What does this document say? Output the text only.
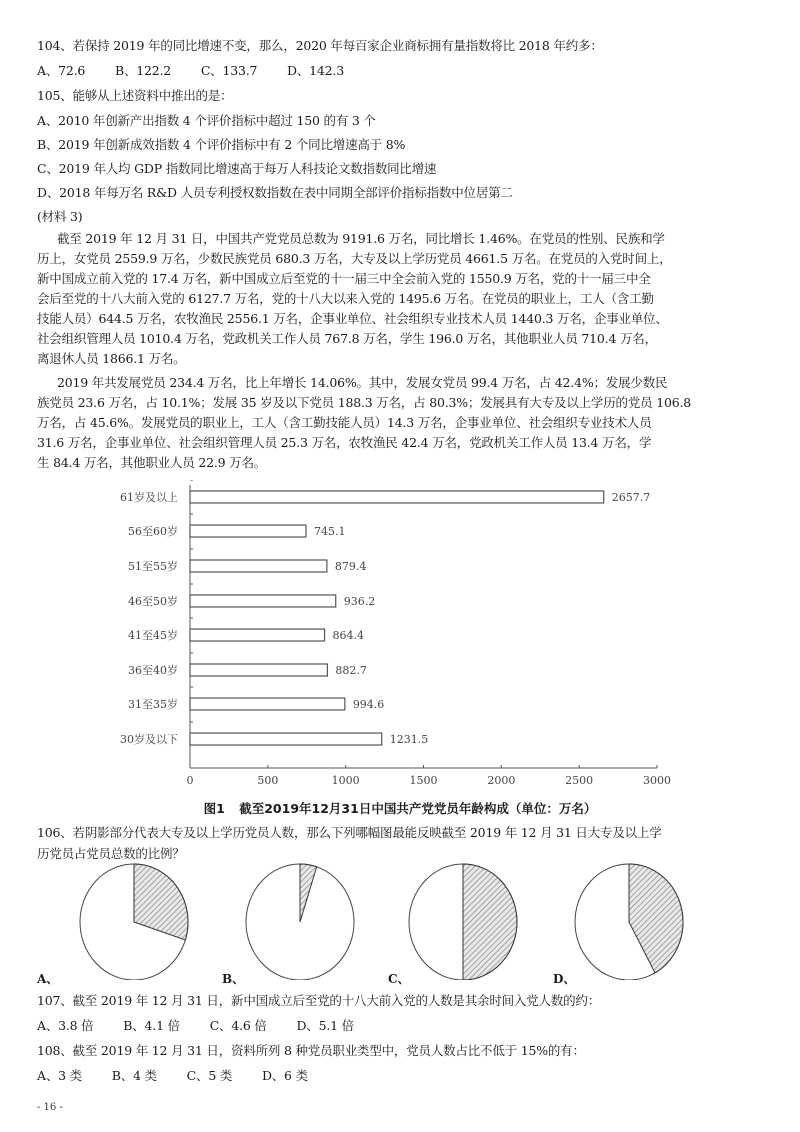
104、若保持 2019 年的同比增速不变，那么，2020 年每百家企业商标拥有量指数将比 2018 年约多：
A、72.6 B、122.2 C、133.7 D、142.3
105、能够从上述资料中推出的是：
A、2010 年创新产出指数 4 个评价指标中超过 150 的有 3 个
B、2019 年创新成效指数 4 个评价指标中有 2 个同比增速高于 8%
C、2019 年人均 GDP 指数同比增速高于每万人科技论文数指数同比增速
D、2018 年每万名 R&D 人员专利授权数指数在表中同期全部评价指标指数中位居第二
(材料 3)
截至 2019 年 12 月 31 日，中国共产党党员总数为 9191.6 万名，同比增长 1.46%。在党员的性别、民族和学
历上，女党员 2559.9 万名，少数民族党员 680.3 万名，大专及以上学历党员 4661.5 万名。在党员的入党时间上，
新中国成立前入党的 17.4 万名，新中国成立后至党的十一届三中全会前入党的 1550.9 万名，党的十一届三中全
会后至党的十八大前入党的 6127.7 万名，党的十八大以来入党的 1495.6 万名。在党员的职业上，工人（含工勤
技能人员）644.5 万名，农牧渔民 2556.1 万名，企事业单位、社会组织专业技术人员 1440.3 万名，企事业单位、
社会组织管理人员 1010.4 万名，党政机关工作人员 767.8 万名，学生 196.0 万名，其他职业人员 710.4 万名，
离退休人员 1866.1 万名。
2019 年共发展党员 234.4 万名，比上年增长 14.06%。其中，发展女党员 99.4 万名，占 42.4%；发展少数民
族党员 23.6 万名，占 10.1%；发展 35 岁及以下党员 188.3 万名，占 80.3%；发展具有大专及以上学历的党员 106.8
万名，占 45.6%。发展党员的职业上，工人（含工勤技能人员）14.3 万名，企事业单位、社会组织专业技术人员
31.6 万名，企事业单位、社会组织管理人员 25.3 万名，农牧渔民 42.4 万名，党政机关工作人员 13.4 万名，学
生 84.4 万名，其他职业人员 22.9 万名。
2657.7
61岁及以上
745.1
56至60岁
879.4
51至55岁
936.2
46至50岁
864.4
41至45岁
882.7
36至40岁
994.6
31至35岁
1231.5
30岁及以下
0	500	1000	1500	2000	2500	3000
图1 截至2019年12月31日中国共产党党员年龄构成（单位：万名）
106、若阴影部分代表大专及以上学历党员人数，那么下列哪幅图最能反映截至 2019 年 12 月 31 日大专及以上学
历党员占党员总数的比例？
A、	B、	C、	D、
107、截至 2019 年 12 月 31 日，新中国成立后至党的十八大前入党的人数是其余时间入党人数的约：
A、3.8 倍 B、4.1 倍 C、4.6 倍 D、5.1 倍
108、截至 2019 年 12 月 31 日，资料所列 8 种党员职业类型中，党员人数占比不低于 15%的有：
A、3 类 B、4 类 C、5 类 D、6 类
- 16 -
